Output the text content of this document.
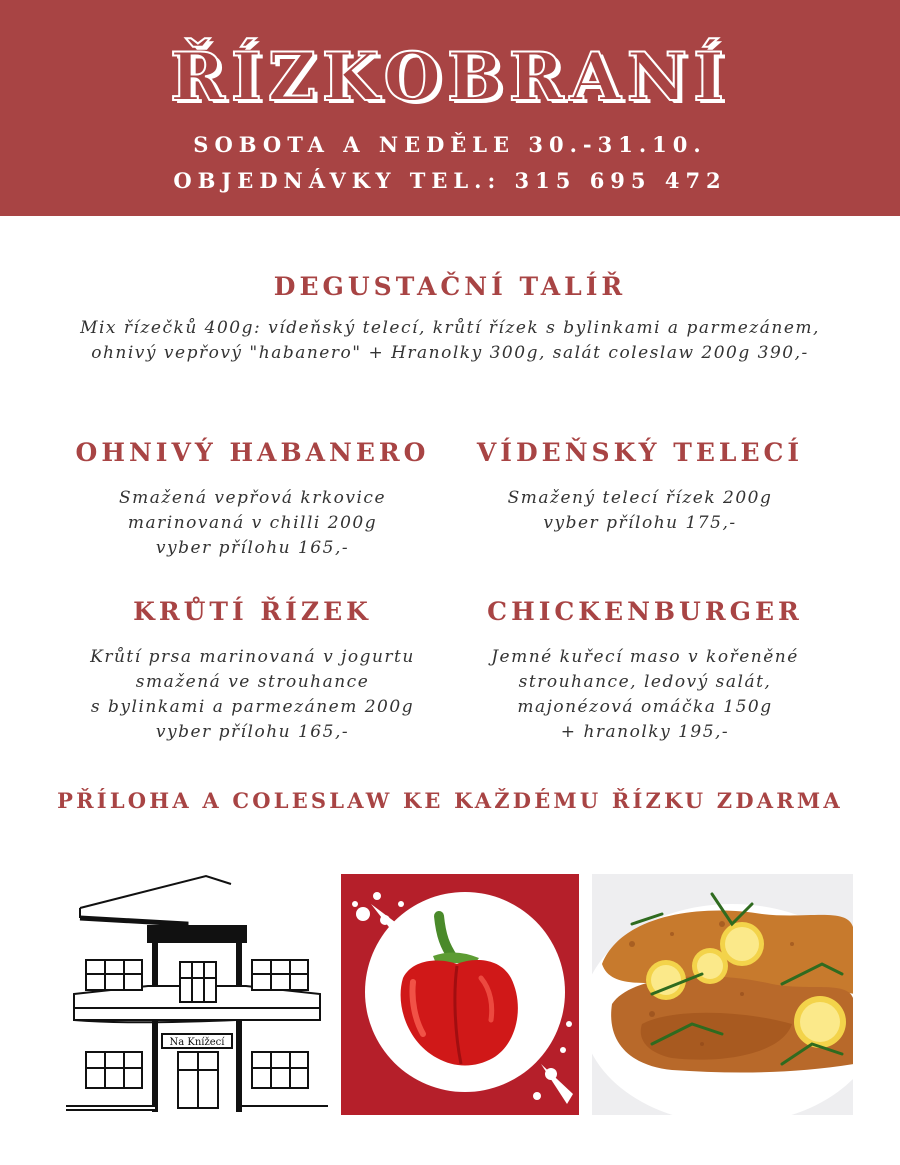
ŘÍZKOBRANÍ
SOBOTA A NEDĚLE 30.-31.10.
OBJEDNÁVKY TEL.: 315 695 472
DEGUSTAČNÍ TALÍŘ
Mix řízečků 400g: vídeňský telecí, krůtí řízek s bylinkami a parmezánem,
ohnivý vepřový "habanero" + Hranolky 300g, salát coleslaw 200g 390,-
OHNIVÝ HABANERO
Smažená vepřová krkovice
marinovaná v chilli 200g
vyber přílohu 165,-
VÍDEŇSKÝ TELECÍ
Smažený telecí řízek 200g
vyber přílohu 175,-
KRŮTÍ ŘÍZEK
Krůtí prsa marinovaná v jogurtu
smažená ve strouhance
s bylinkami a parmezánem 200g
vyber přílohu 165,-
CHICKENBURGER
Jemné kuřecí maso v kořeněné
strouhance, ledový salát,
majonézová omáčka 150g
+ hranolky 195,-
PŘÍLOHA A COLESLAW KE KAŽDÉMU ŘÍZKU ZDARMA
Na Knížecí
